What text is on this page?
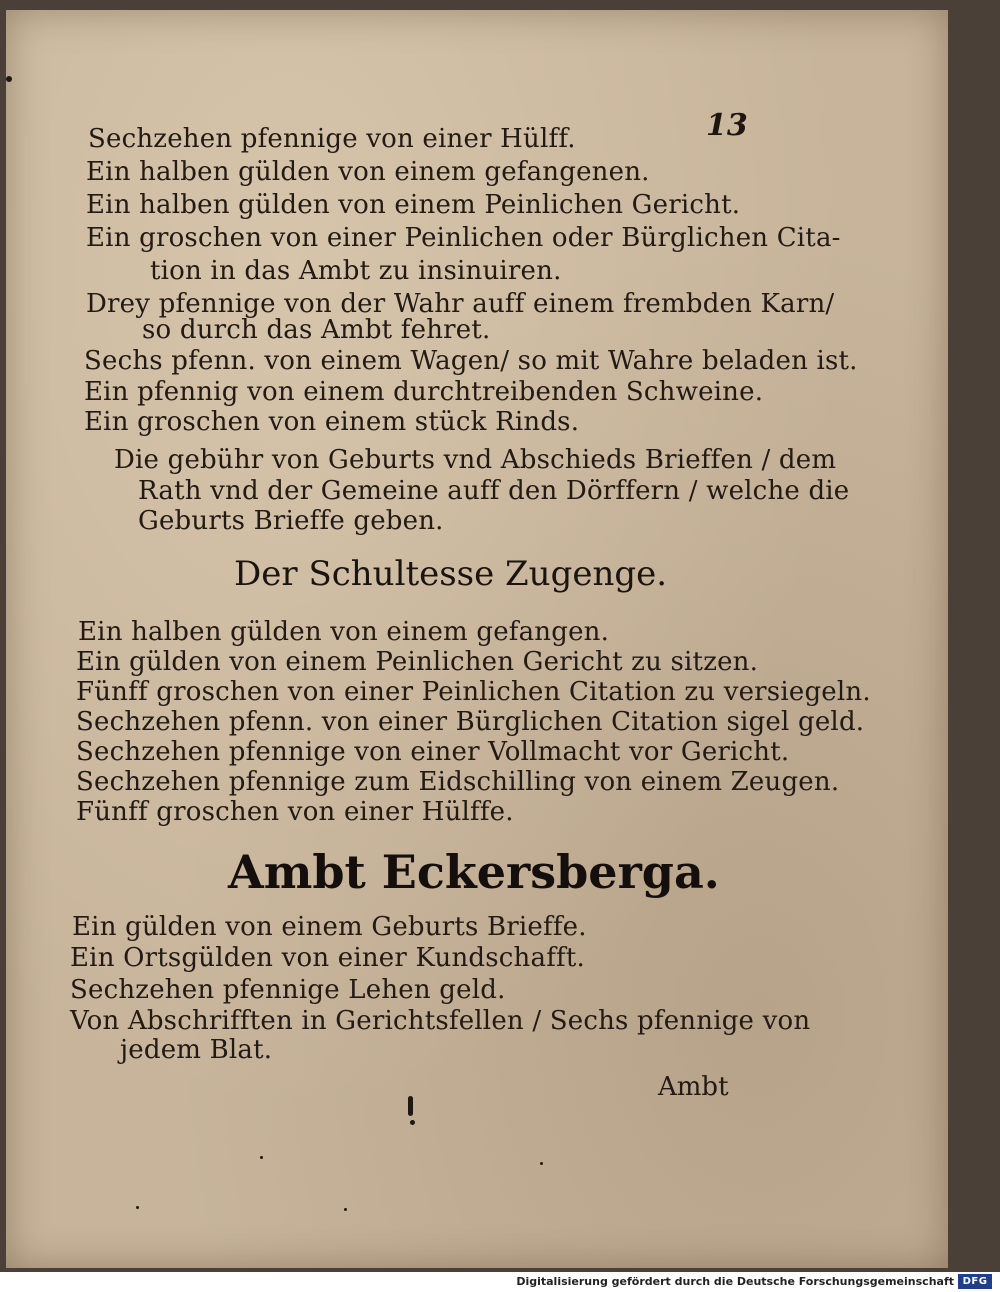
13
Sechzehen pfennige von einer Hülff.
Ein halben gülden von einem gefangenen.
Ein halben gülden von einem Peinlichen Gericht.
Ein groschen von einer Peinlichen oder Bürglichen Cita-
tion in das Ambt zu insinuiren.
Drey pfennige von der Wahr auff einem frembden Karn/
so durch das Ambt fehret.
Sechs pfenn. von einem Wagen/ so mit Wahre beladen ist.
Ein pfennig von einem durchtreibenden Schweine.
Ein groschen von einem stück Rinds.
Die gebühr von Geburts vnd Abschieds Brieffen / dem
Rath vnd der Gemeine auff den Dörffern / welche die
Geburts Brieffe geben.
Der Schultesse Zugenge.
Ein halben gülden von einem gefangen.
Ein gülden von einem Peinlichen Gericht zu sitzen.
Fünff groschen von einer Peinlichen Citation zu versiegeln.
Sechzehen pfenn. von einer Bürglichen Citation sigel geld.
Sechzehen pfennige von einer Vollmacht vor Gericht.
Sechzehen pfennige zum Eidschilling von einem Zeugen.
Fünff groschen von einer Hülffe.
Ambt Eckersberga.
Ein gülden von einem Geburts Brieffe.
Ein Ortsgülden von einer Kundschafft.
Sechzehen pfennige Lehen geld.
Von Abschrifften in Gerichtsfellen / Sechs pfennige von
jedem Blat.
Ambt
Digitalisierung gefördert durch die Deutsche Forschungsgemeinschaft DFG
